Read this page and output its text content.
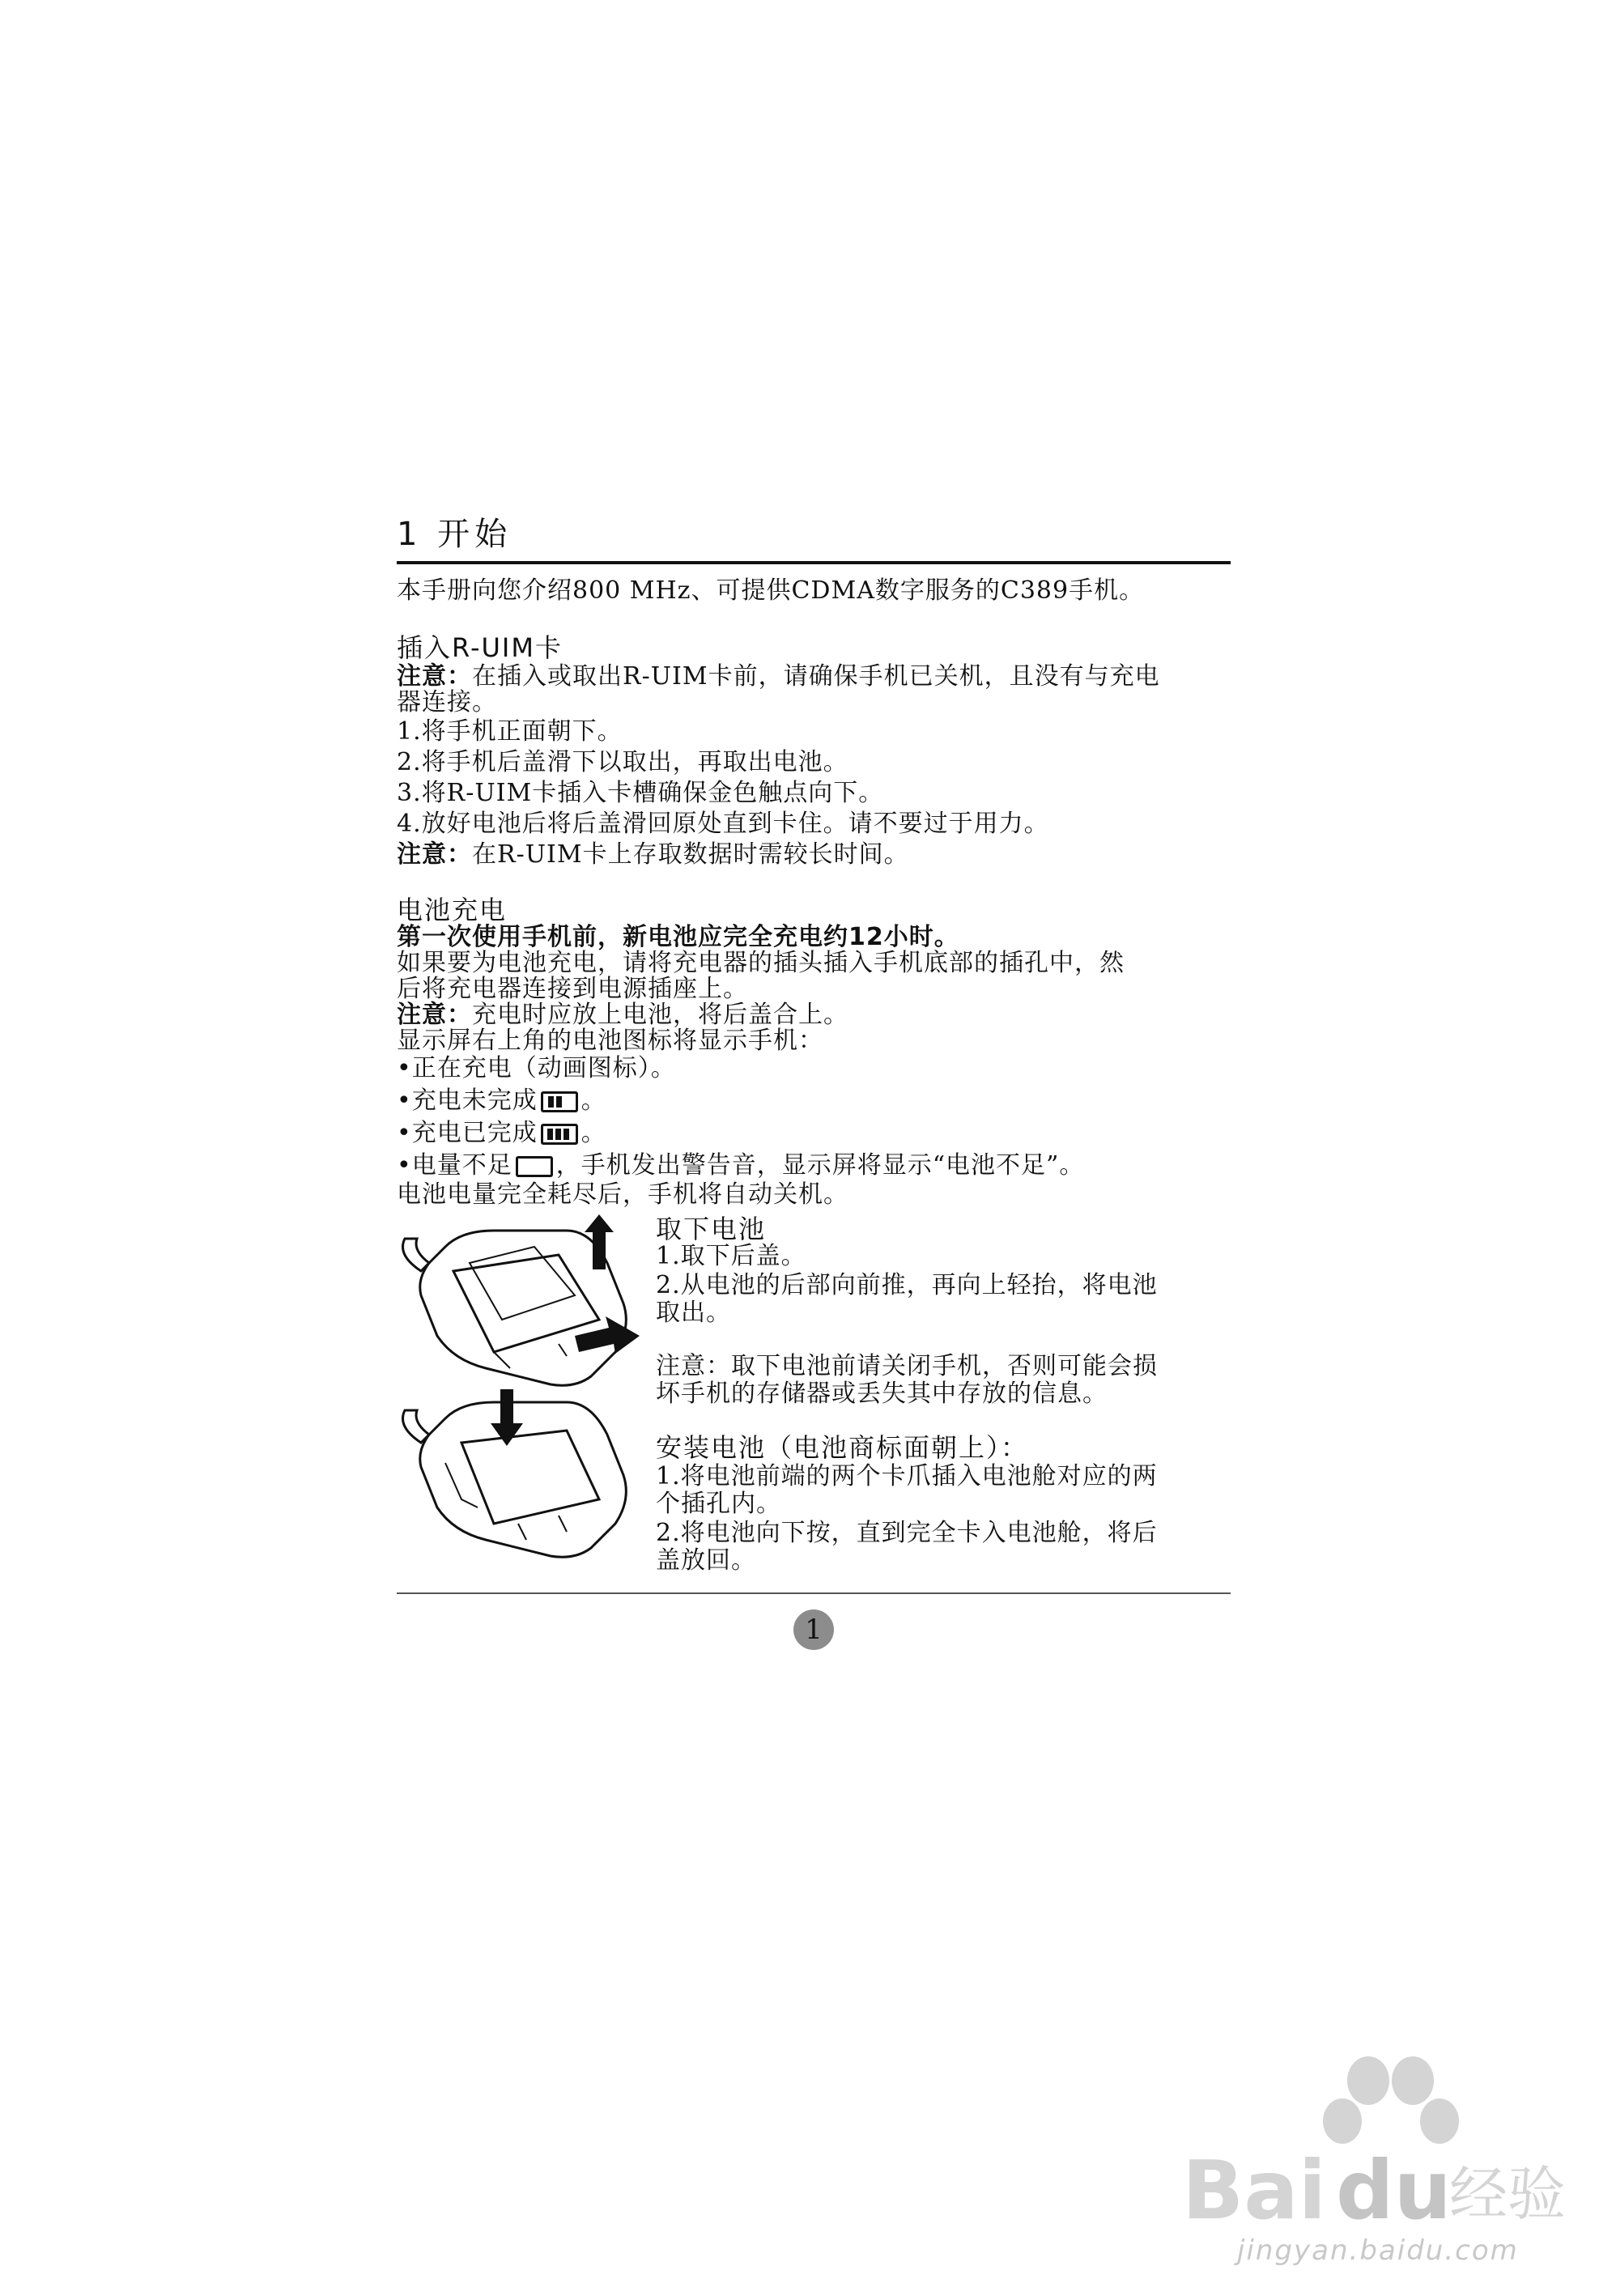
1 开始
本手册向您介绍800 MHz、可提供CDMA数字服务的C389手机。
插入R-UIM卡
注意：在插入或取出R-UIM卡前，请确保手机已关机，且没有与充电
器连接。
1.将手机正面朝下。
2.将手机后盖滑下以取出，再取出电池。
3.将R-UIM卡插入卡槽确保金色触点向下。
4.放好电池后将后盖滑回原处直到卡住。请不要过于用力。
注意：在R-UIM卡上存取数据时需较长时间。
电池充电
第一次使用手机前，新电池应完全充电约12小时。
如果要为电池充电，请将充电器的插头插入手机底部的插孔中，然
后将充电器连接到电源插座上。
注意：充电时应放上电池，将后盖合上。
显示屏右上角的电池图标将显示手机：
•正在充电（动画图标）。
•充电未完成 。
•充电已完成 。
•电量不足 ，手机发出警告音，显示屏将显示“电池不足”。
电池电量完全耗尽后，手机将自动关机。
取下电池
1.取下后盖。
2.从电池的后部向前推，再向上轻抬，将电池
取出。
注意：取下电池前请关闭手机，否则可能会损
坏手机的存储器或丢失其中存放的信息。
安装电池（电池商标面朝上）：
1.将电池前端的两个卡爪插入电池舱对应的两
个插孔内。
2.将电池向下按，直到完全卡入电池舱，将后
盖放回。
1
Bai du
经验
jingyan.baidu.com
